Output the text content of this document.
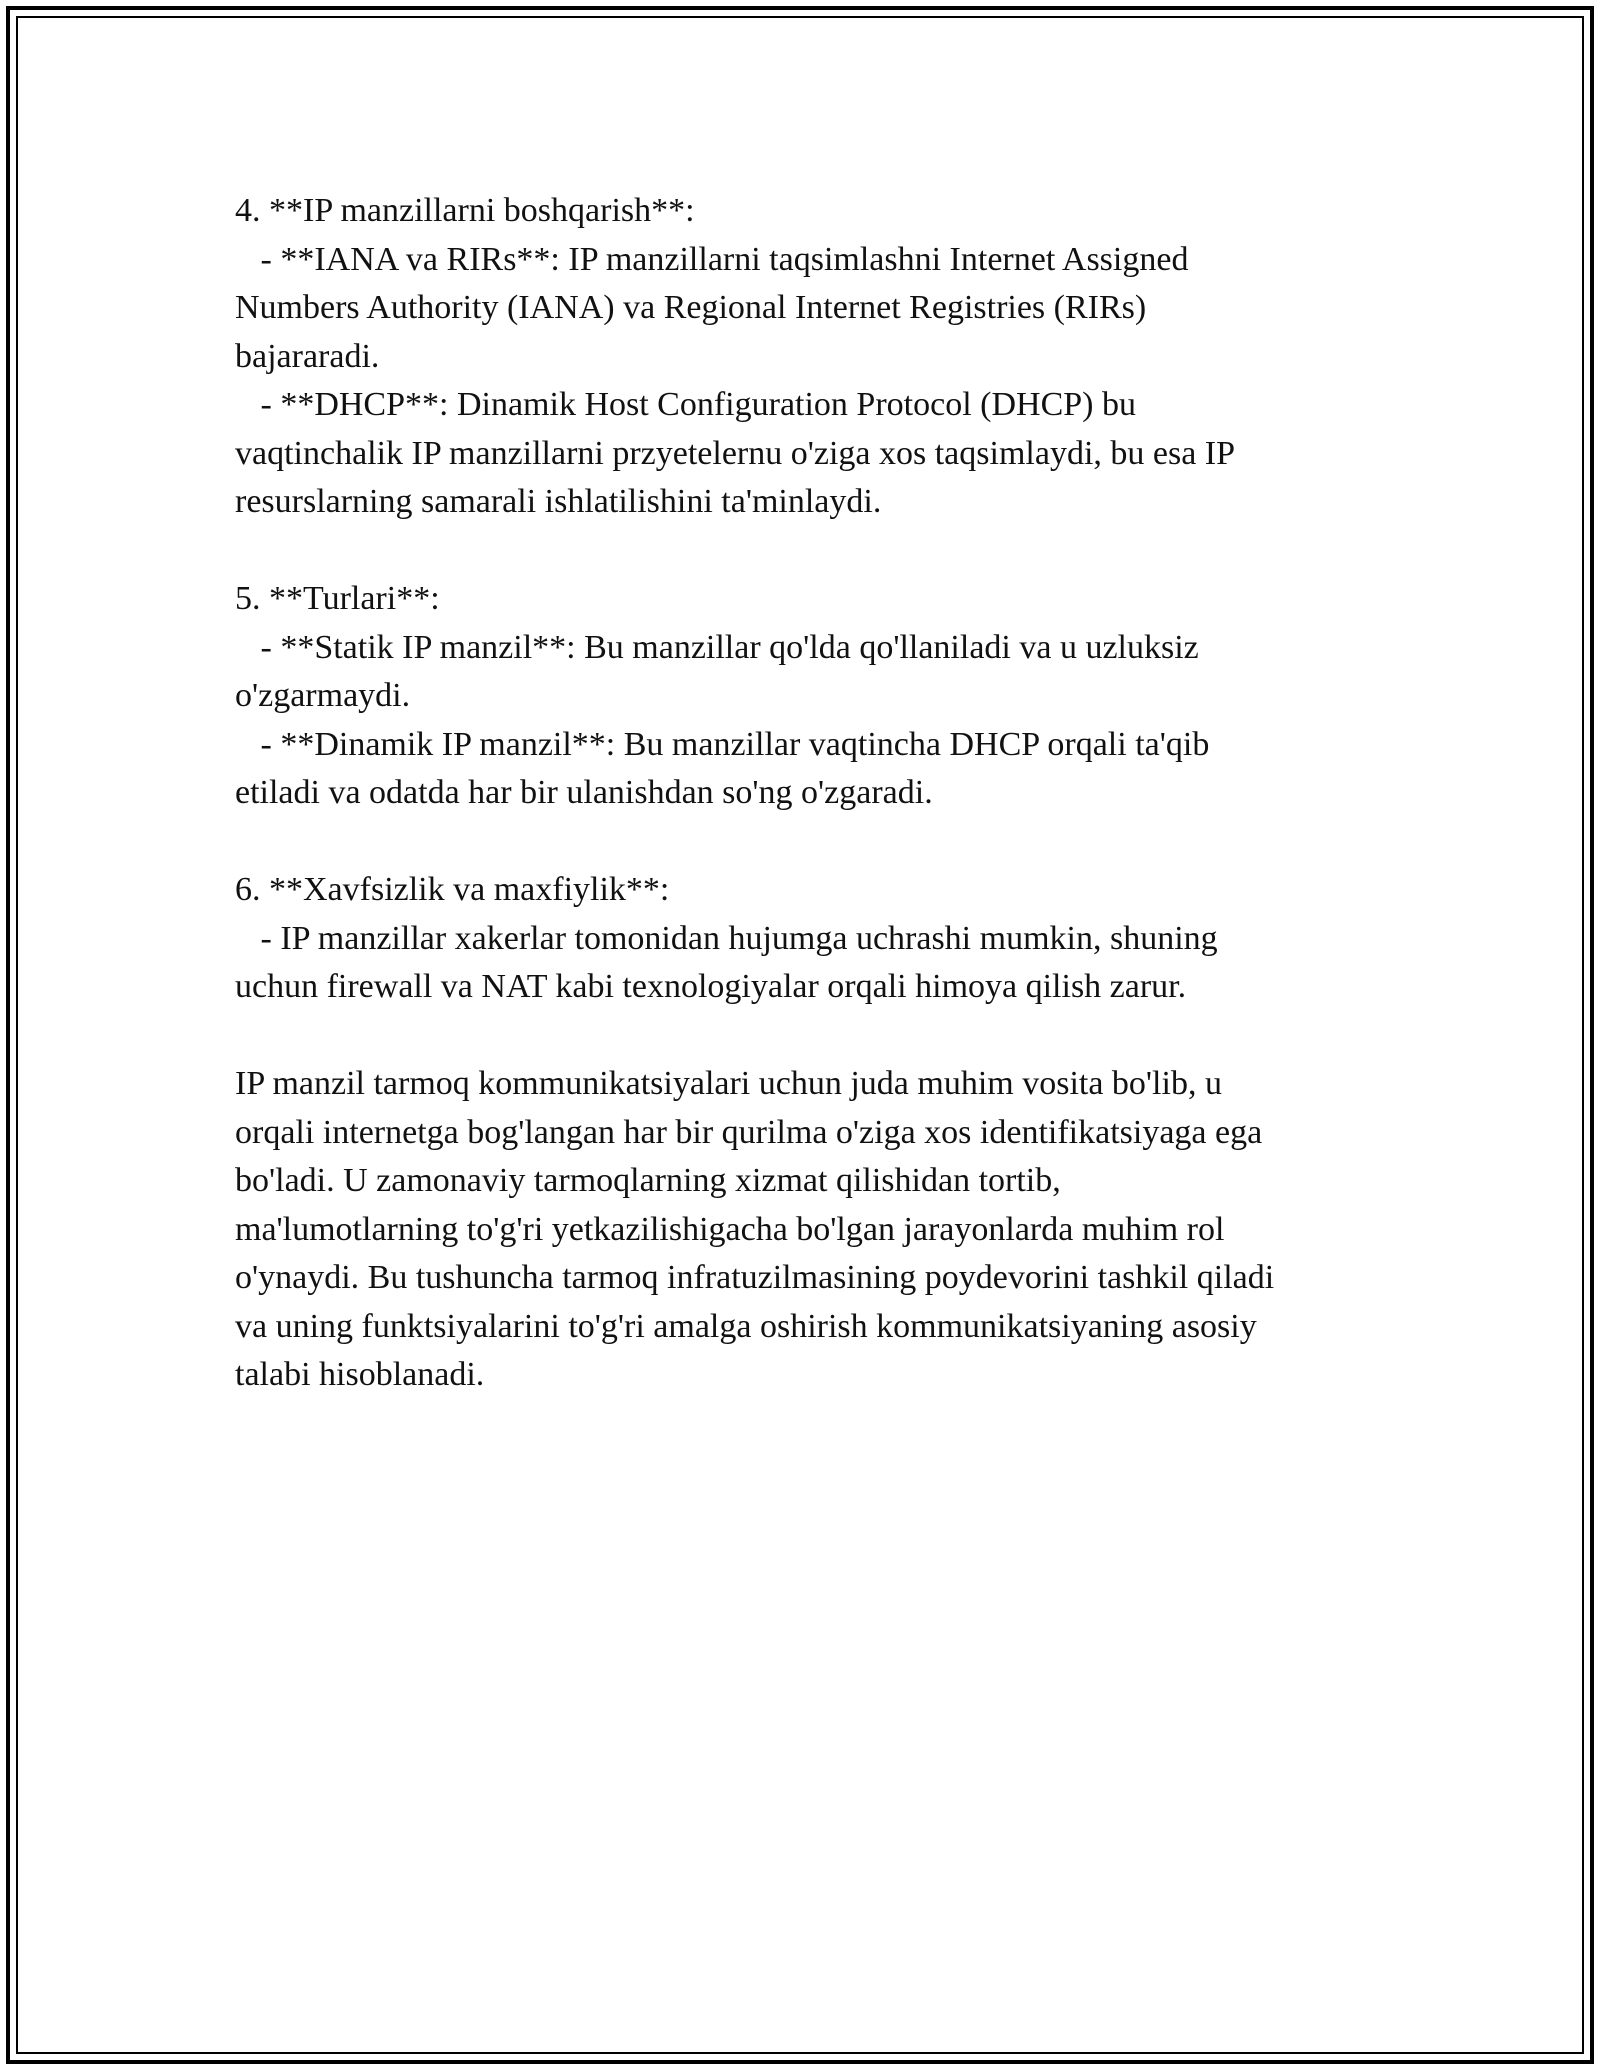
4. **IP manzillarni boshqarish**:
- **IANA va RIRs**: IP manzillarni taqsimlashni Internet Assigned
Numbers Authority (IANA) va Regional Internet Registries (RIRs)
bajararadi.
- **DHCP**: Dinamik Host Configuration Protocol (DHCP) bu
vaqtinchalik IP manzillarni przyetelernu o'ziga xos taqsimlaydi, bu esa IP
resurslarning samarali ishlatilishini ta'minlaydi.
5. **Turlari**:
- **Statik IP manzil**: Bu manzillar qo'lda qo'llaniladi va u uzluksiz
o'zgarmaydi.
- **Dinamik IP manzil**: Bu manzillar vaqtincha DHCP orqali ta'qib
etiladi va odatda har bir ulanishdan so'ng o'zgaradi.
6. **Xavfsizlik va maxfiylik**:
- IP manzillar xakerlar tomonidan hujumga uchrashi mumkin, shuning
uchun firewall va NAT kabi texnologiyalar orqali himoya qilish zarur.
IP manzil tarmoq kommunikatsiyalari uchun juda muhim vosita bo'lib, u
orqali internetga bog'langan har bir qurilma o'ziga xos identifikatsiyaga ega
bo'ladi. U zamonaviy tarmoqlarning xizmat qilishidan tortib,
ma'lumotlarning to'g'ri yetkazilishigacha bo'lgan jarayonlarda muhim rol
o'ynaydi. Bu tushuncha tarmoq infratuzilmasining poydevorini tashkil qiladi
va uning funktsiyalarini to'g'ri amalga oshirish kommunikatsiyaning asosiy
talabi hisoblanadi.
